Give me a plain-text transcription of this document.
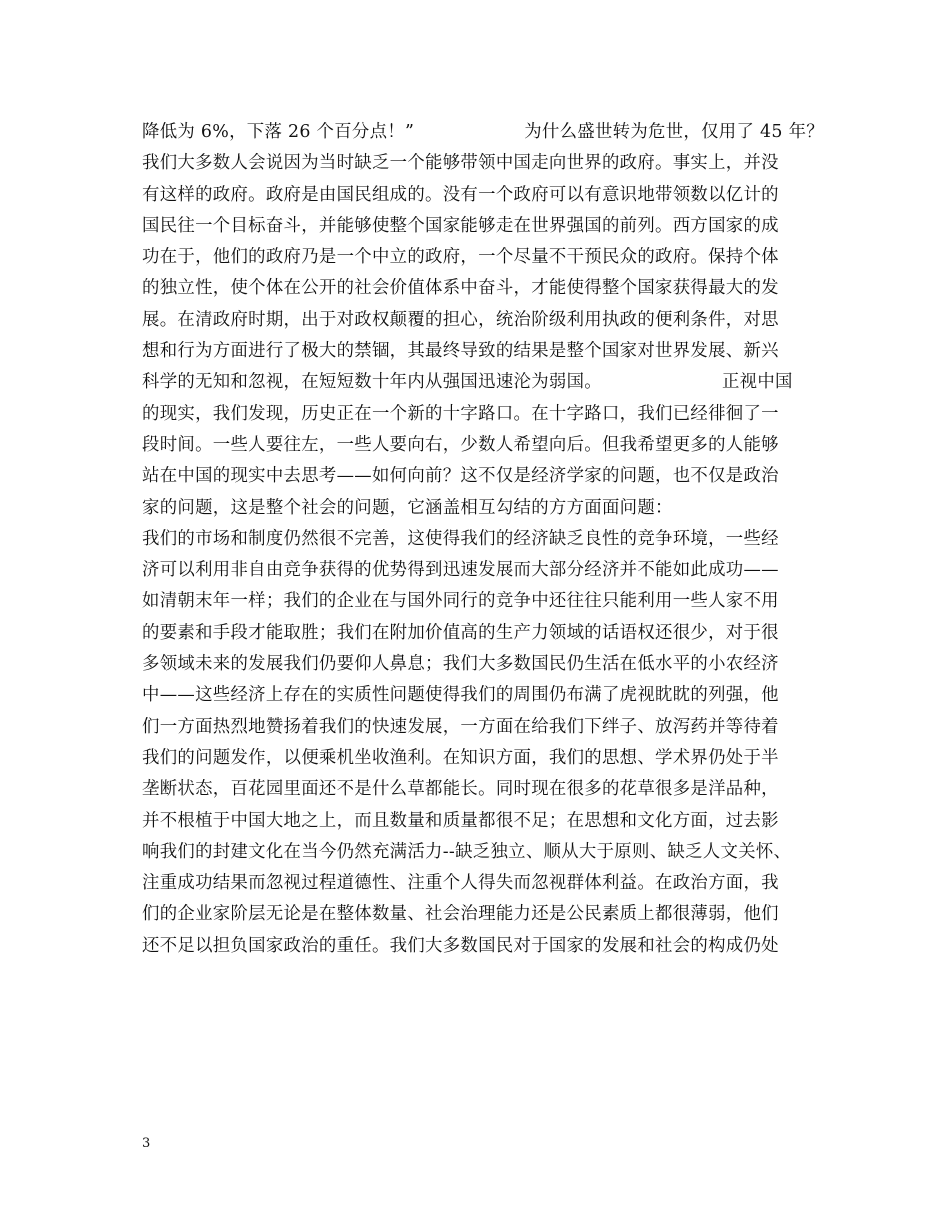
降低为 6%，下落 26 个百分点！”	为什么盛世转为危世，仅用了 45 年？
我们大多数人会说因为当时缺乏一个能够带领中国走向世界的政府。事实上，并没
有这样的政府。政府是由国民组成的。没有一个政府可以有意识地带领数以亿计的
国民往一个目标奋斗，并能够使整个国家能够走在世界强国的前列。西方国家的成
功在于，他们的政府乃是一个中立的政府，一个尽量不干预民众的政府。保持个体
的独立性，使个体在公开的社会价值体系中奋斗，才能使得整个国家获得最大的发
展。在清政府时期，出于对政权颠覆的担心，统治阶级利用执政的便利条件，对思
想和行为方面进行了极大的禁锢，其最终导致的结果是整个国家对世界发展、新兴
科学的无知和忽视，在短短数十年内从强国迅速沦为弱国。	正视中国
的现实，我们发现，历史正在一个新的十字路口。在十字路口，我们已经徘徊了一
段时间。一些人要往左，一些人要向右，少数人希望向后。但我希望更多的人能够
站在中国的现实中去思考——如何向前？这不仅是经济学家的问题，也不仅是政治
家的问题，这是整个社会的问题，它涵盖相互勾结的方方面面问题：
我们的市场和制度仍然很不完善，这使得我们的经济缺乏良性的竞争环境，一些经
济可以利用非自由竞争获得的优势得到迅速发展而大部分经济并不能如此成功——
如清朝末年一样；我们的企业在与国外同行的竞争中还往往只能利用一些人家不用
的要素和手段才能取胜；我们在附加价值高的生产力领域的话语权还很少，对于很
多领域未来的发展我们仍要仰人鼻息；我们大多数国民仍生活在低水平的小农经济
中——这些经济上存在的实质性问题使得我们的周围仍布满了虎视眈眈的列强，他
们一方面热烈地赞扬着我们的快速发展，一方面在给我们下绊子、放泻药并等待着
我们的问题发作，以便乘机坐收渔利。在知识方面，我们的思想、学术界仍处于半
垄断状态，百花园里面还不是什么草都能长。同时现在很多的花草很多是洋品种，
并不根植于中国大地之上，而且数量和质量都很不足；在思想和文化方面，过去影
响我们的封建文化在当今仍然充满活力--缺乏独立、顺从大于原则、缺乏人文关怀、
注重成功结果而忽视过程道德性、注重个人得失而忽视群体利益。在政治方面，我
们的企业家阶层无论是在整体数量、社会治理能力还是公民素质上都很薄弱，他们
还不足以担负国家政治的重任。我们大多数国民对于国家的发展和社会的构成仍处
3
